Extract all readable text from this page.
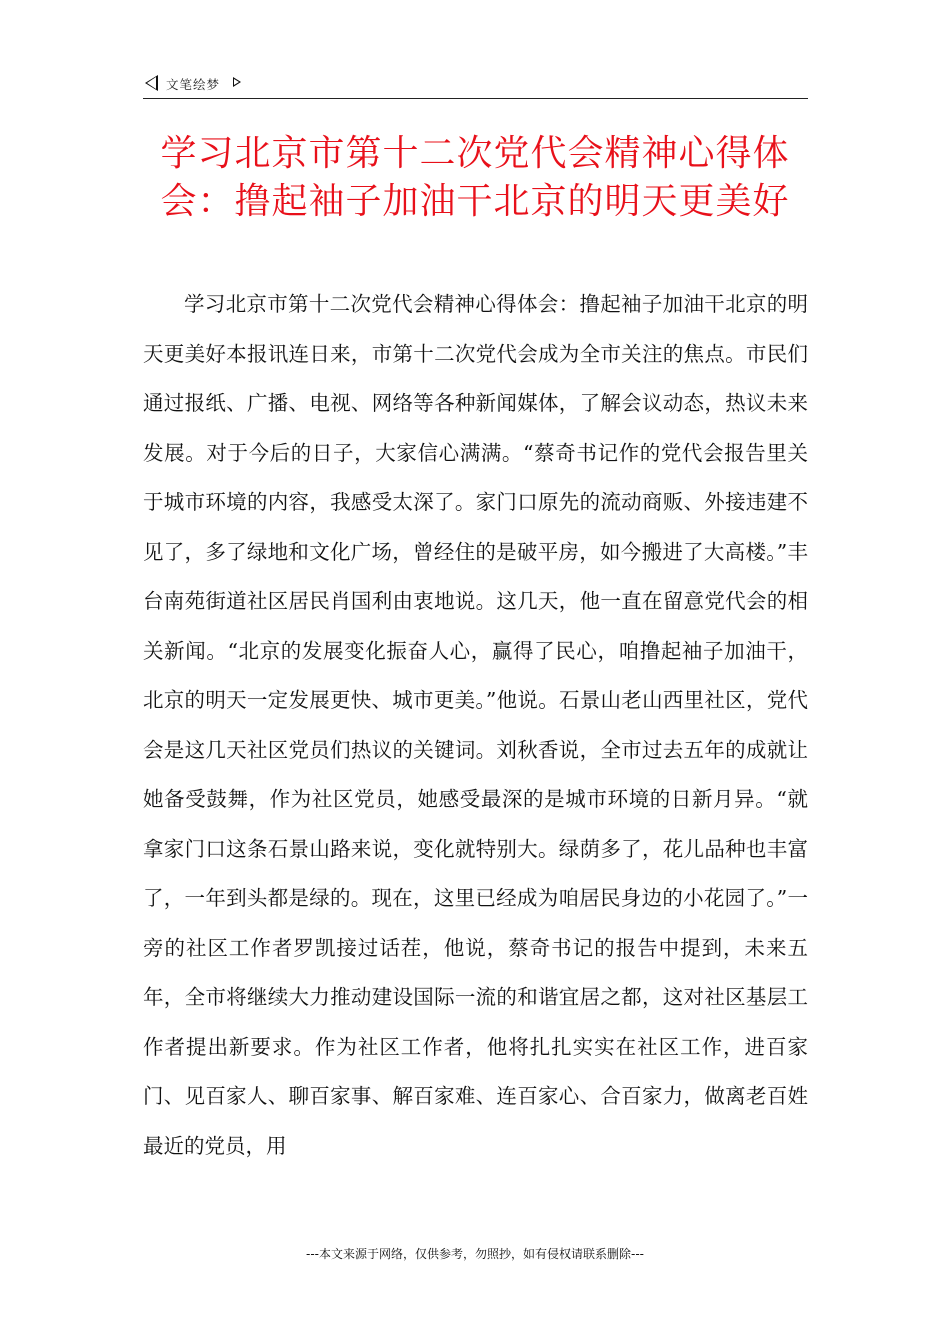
文笔绘梦
学习北京市第十二次党代会精神心得体会：撸起袖子加油干北京的明天更美好

学习北京市第十二次党代会精神心得体会：撸起袖子加油干北京的明天更美好本报讯连日来，市第十二次党代会成为全市关注的焦点。市民们通过报纸、广播、电视、网络等各种新闻媒体，了解会议动态，热议未来发展。对于今后的日子，大家信心满满。“蔡奇书记作的党代会报告里关于城市环境的内容，我感受太深了。家门口原先的流动商贩、外接违建不见了，多了绿地和文化广场，曾经住的是破平房，如今搬进了大高楼。”丰台南苑街道社区居民肖国利由衷地说。这几天，他一直在留意党代会的相关新闻。“北京的发展变化振奋人心，赢得了民心，咱撸起袖子加油干，北京的明天一定发展更快、城市更美。”他说。石景山老山西里社区，党代会是这几天社区党员们热议的关键词。刘秋香说，全市过去五年的成就让她备受鼓舞，作为社区党员，她感受最深的是城市环境的日新月异。“就拿家门口这条石景山路来说，变化就特别大。绿荫多了，花儿品种也丰富了，一年到头都是绿的。现在，这里已经成为咱居民身边的小花园了。”一旁的社区工作者罗凯接过话茬，他说，蔡奇书记的报告中提到，未来五年，全市将继续大力推动建设国际一流的和谐宜居之都，这对社区基层工作者提出新要求。作为社区工作者，他将扎扎实实在社区工作，进百家门、见百家人、聊百家事、解百家难、连百家心、合百家力，做离老百姓最近的党员，用

---本文来源于网络，仅供参考，勿照抄，如有侵权请联系删除---
